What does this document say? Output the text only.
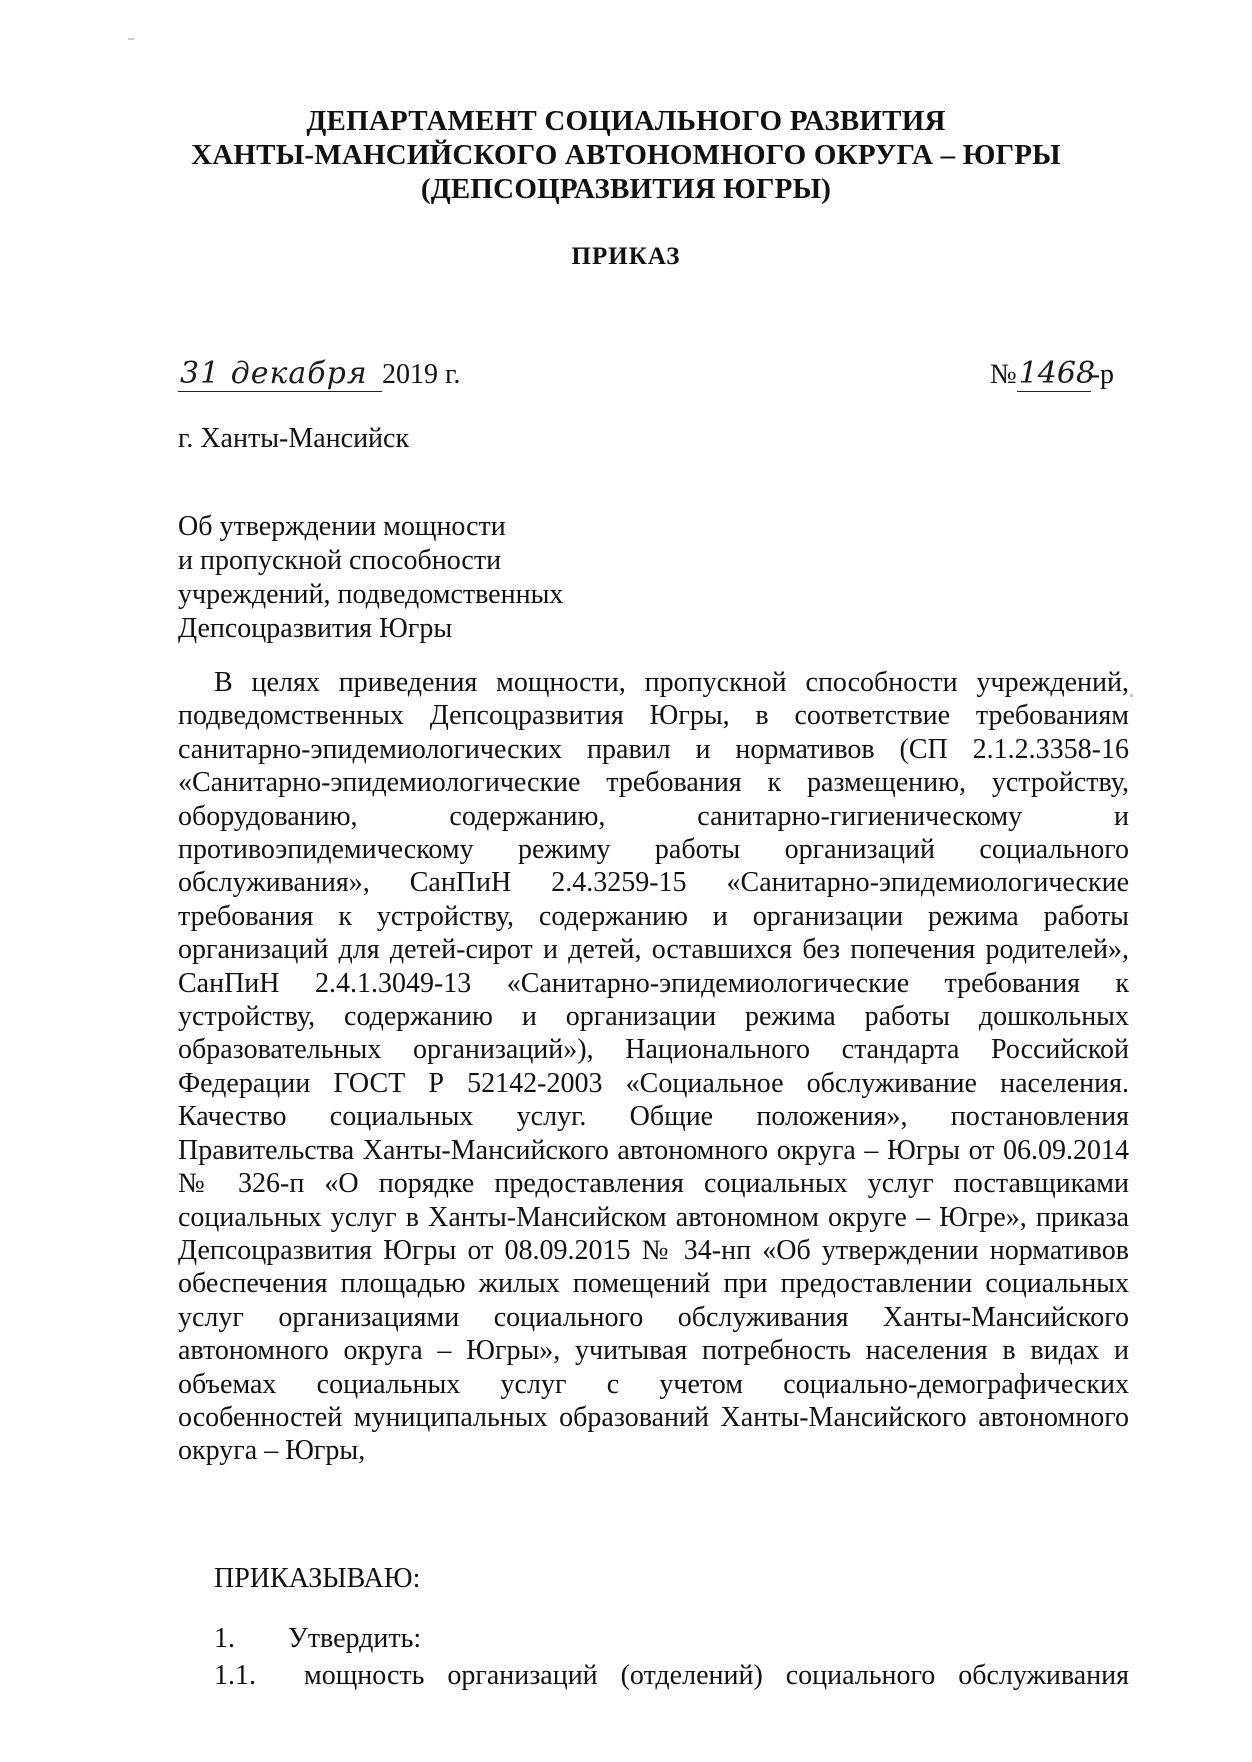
ДЕПАРТАМЕНТ СОЦИАЛЬНОГО РАЗВИТИЯ
ХАНТЫ-МАНСИЙСКОГО АВТОНОМНОГО ОКРУГА – ЮГРЫ
(ДЕПСОЦРАЗВИТИЯ ЮГРЫ)
ПРИКАЗ
31 декабря 2019 г.	№1468-р
г. Ханты-Мансийск
Об утверждении мощности
и пропускной способности
учреждений, подведомственных
Депсоцразвития Югры

В целях приведения мощности, пропускной способности учреждений, подведомственных Депсоцразвития Югры, в соответствие требованиям санитарно-эпидемиологических правил и нормативов (СП 2.1.2.3358-16 «Санитарно-эпидемиологические требования к размещению, устройству, оборудованию, содержанию, санитарно-гигиеническому и противоэпидемическому режиму работы организаций социального обслуживания», СанПиН 2.4.3259-15 «Санитарно-эпидемиологические требования к устройству, содержанию и организации режима работы организаций для детей-сирот и детей, оставшихся без попечения родителей», СанПиН 2.4.1.3049-13 «Санитарно-эпидемиологические требования к устройству, содержанию и организации режима работы дошкольных образовательных организаций»), Национального стандарта Российской Федерации ГОСТ Р 52142-2003 «Социальное обслуживание населения. Качество социальных услуг. Общие положения», постановления Правительства Ханты-Мансийского автономного округа – Югры от 06.09.2014 № 326-п «О порядке предоставления социальных услуг поставщиками социальных услуг в Ханты-Мансийском автономном округе – Югре», приказа Депсоцразвития Югры от 08.09.2015 № 34-нп «Об утверждении нормативов обеспечения площадью жилых помещений при предоставлении социальных услуг организациями социального обслуживания Ханты-Мансийского автономного округа – Югры», учитывая потребность населения в видах и объемах социальных услуг с учетом социально-демографических особенностей муниципальных образований Ханты-Мансийского автономного округа – Югры,

ПРИКАЗЫВАЮ:
1. Утвердить:
1.1.	мощность организаций (отделений) социального обслуживания
